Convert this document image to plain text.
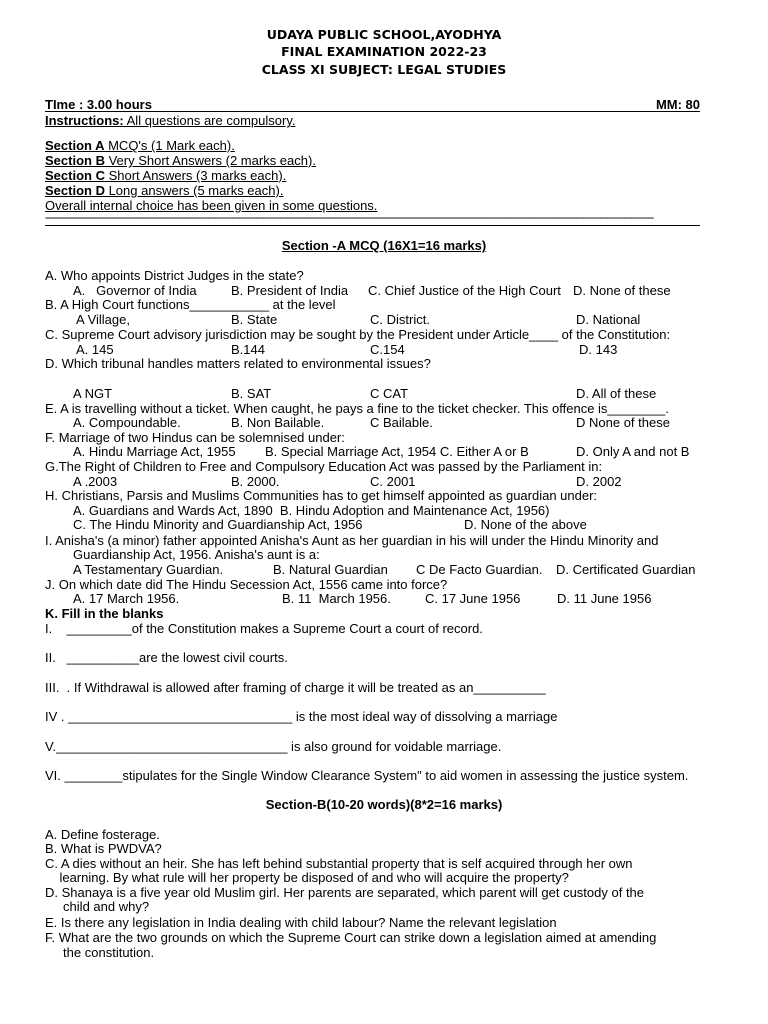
UDAYA PUBLIC SCHOOL,AYODHYA
FINAL EXAMINATION 2022-23
CLASS XI SUBJECT: LEGAL STUDIES
TIme : 3.00 hours	MM: 80
Instructions: All questions are compulsory.
Section A MCQ's (1 Mark each).
Section B Very Short Answers (2 marks each).
Section C Short Answers (3 marks each).
Section D Long answers (5 marks each).
Overall internal choice has been given in some questions.
-----------------------------------------------------------------------------------------------------------------------------------------------------------------------------------------------------------
Section -A MCQ (16X1=16 marks)
A. Who appoints District Judges in the state?
A.   Governor of India	B. President of India C. Chief Justice of the High Court D. None of these
B. A High Court functions___________ at the level
A Village,	B. State	C. District.	D. National
C. Supreme Court advisory jurisdiction may be sought by the President under Article____ of the Constitution:
A. 145	B.144	C.154	D. 143
D. Which tribunal handles matters related to environmental issues?
A NGT	B. SAT	C CAT	D. All of these
E. A is travelling without a ticket. When caught, he pays a fine to the ticket checker. This offence is________.
A. Compoundable.	B. Non Bailable.	C Bailable.	D None of these
F. Marriage of two Hindus can be solemnised under:
A. Hindu Marriage Act, 1955 B. Special Marriage Act, 1954 C. Either A or B	D. Only A and not B
G.The Right of Children to Free and Compulsory Education Act was passed by the Parliament in:
A .2003	B. 2000.	C. 2001	D. 2002
H. Christians, Parsis and Muslims Communities has to get himself appointed as guardian under:
A. Guardians and Wards Act, 1890  B. Hindu Adoption and Maintenance Act, 1956)
C. The Hindu Minority and Guardianship Act, 1956	D. None of the above
I. Anisha's (a minor) father appointed Anisha's Aunt as her guardian in his will under the Hindu Minority and
Guardianship Act, 1956. Anisha's aunt is a:
A Testamentary Guardian.	B. Natural Guardian C De Facto Guardian. D. Certificated Guardian
J. On which date did The Hindu Secession Act, 1556 came into force?
A. 17 March 1956.	B. 11  March 1956.	C. 17 June 1956	D. 11 June 1956
K. Fill in the blanks
I.    _________of the Constitution makes a Supreme Court a court of record.
II.   __________are the lowest civil courts.
III.  . If Withdrawal is allowed after framing of charge it will be treated as an__________
IV . _______________________________ is the most ideal way of dissolving a marriage
V.________________________________ is also ground for voidable marriage.
VI. ________stipulates for the Single Window Clearance System" to aid women in assessing the justice system.
Section-B(10-20 words)(8*2=16 marks)
A. Define fosterage.
B. What is PWDVA?
C. A dies without an heir. She has left behind substantial property that is self acquired through her own
learning. By what rule will her property be disposed of and who will acquire the property?
D. Shanaya is a five year old Muslim girl. Her parents are separated, which parent will get custody of the
child and why?
E. Is there any legislation in India dealing with child labour? Name the relevant legislation
F. What are the two grounds on which the Supreme Court can strike down a legislation aimed at amending
the constitution.
